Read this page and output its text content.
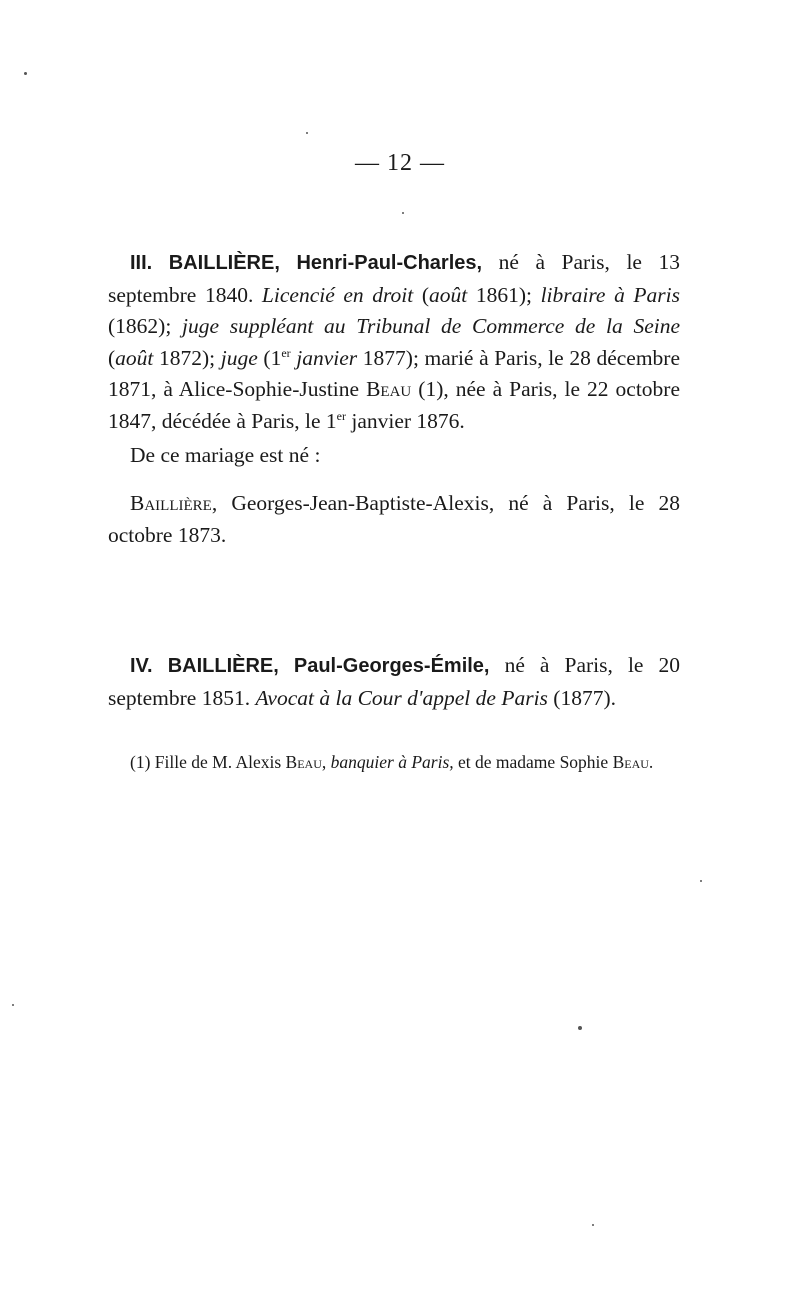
— 12 —

III. BAILLIÈRE, Henri-Paul-Charles, né à Paris, le 13 septembre 1840. Licencié en droit (août 1861); libraire à Paris (1862); juge suppléant au Tribunal de Commerce de la Seine (août 1872); juge (1er janvier 1877); marié à Paris, le 28 décembre 1871, à Alice-Sophie-Justine Beau (1), née à Paris, le 22 octobre 1847, décédée à Paris, le 1er janvier 1876.

De ce mariage est né :

Baillière, Georges-Jean-Baptiste-Alexis, né à Paris, le 28 octobre 1873.

IV. BAILLIÈRE, Paul-Georges-Émile, né à Paris, le 20 septembre 1851. Avocat à la Cour d'appel de Paris (1877).

(1) Fille de M. Alexis Beau, banquier à Paris, et de madame Sophie Beau.
